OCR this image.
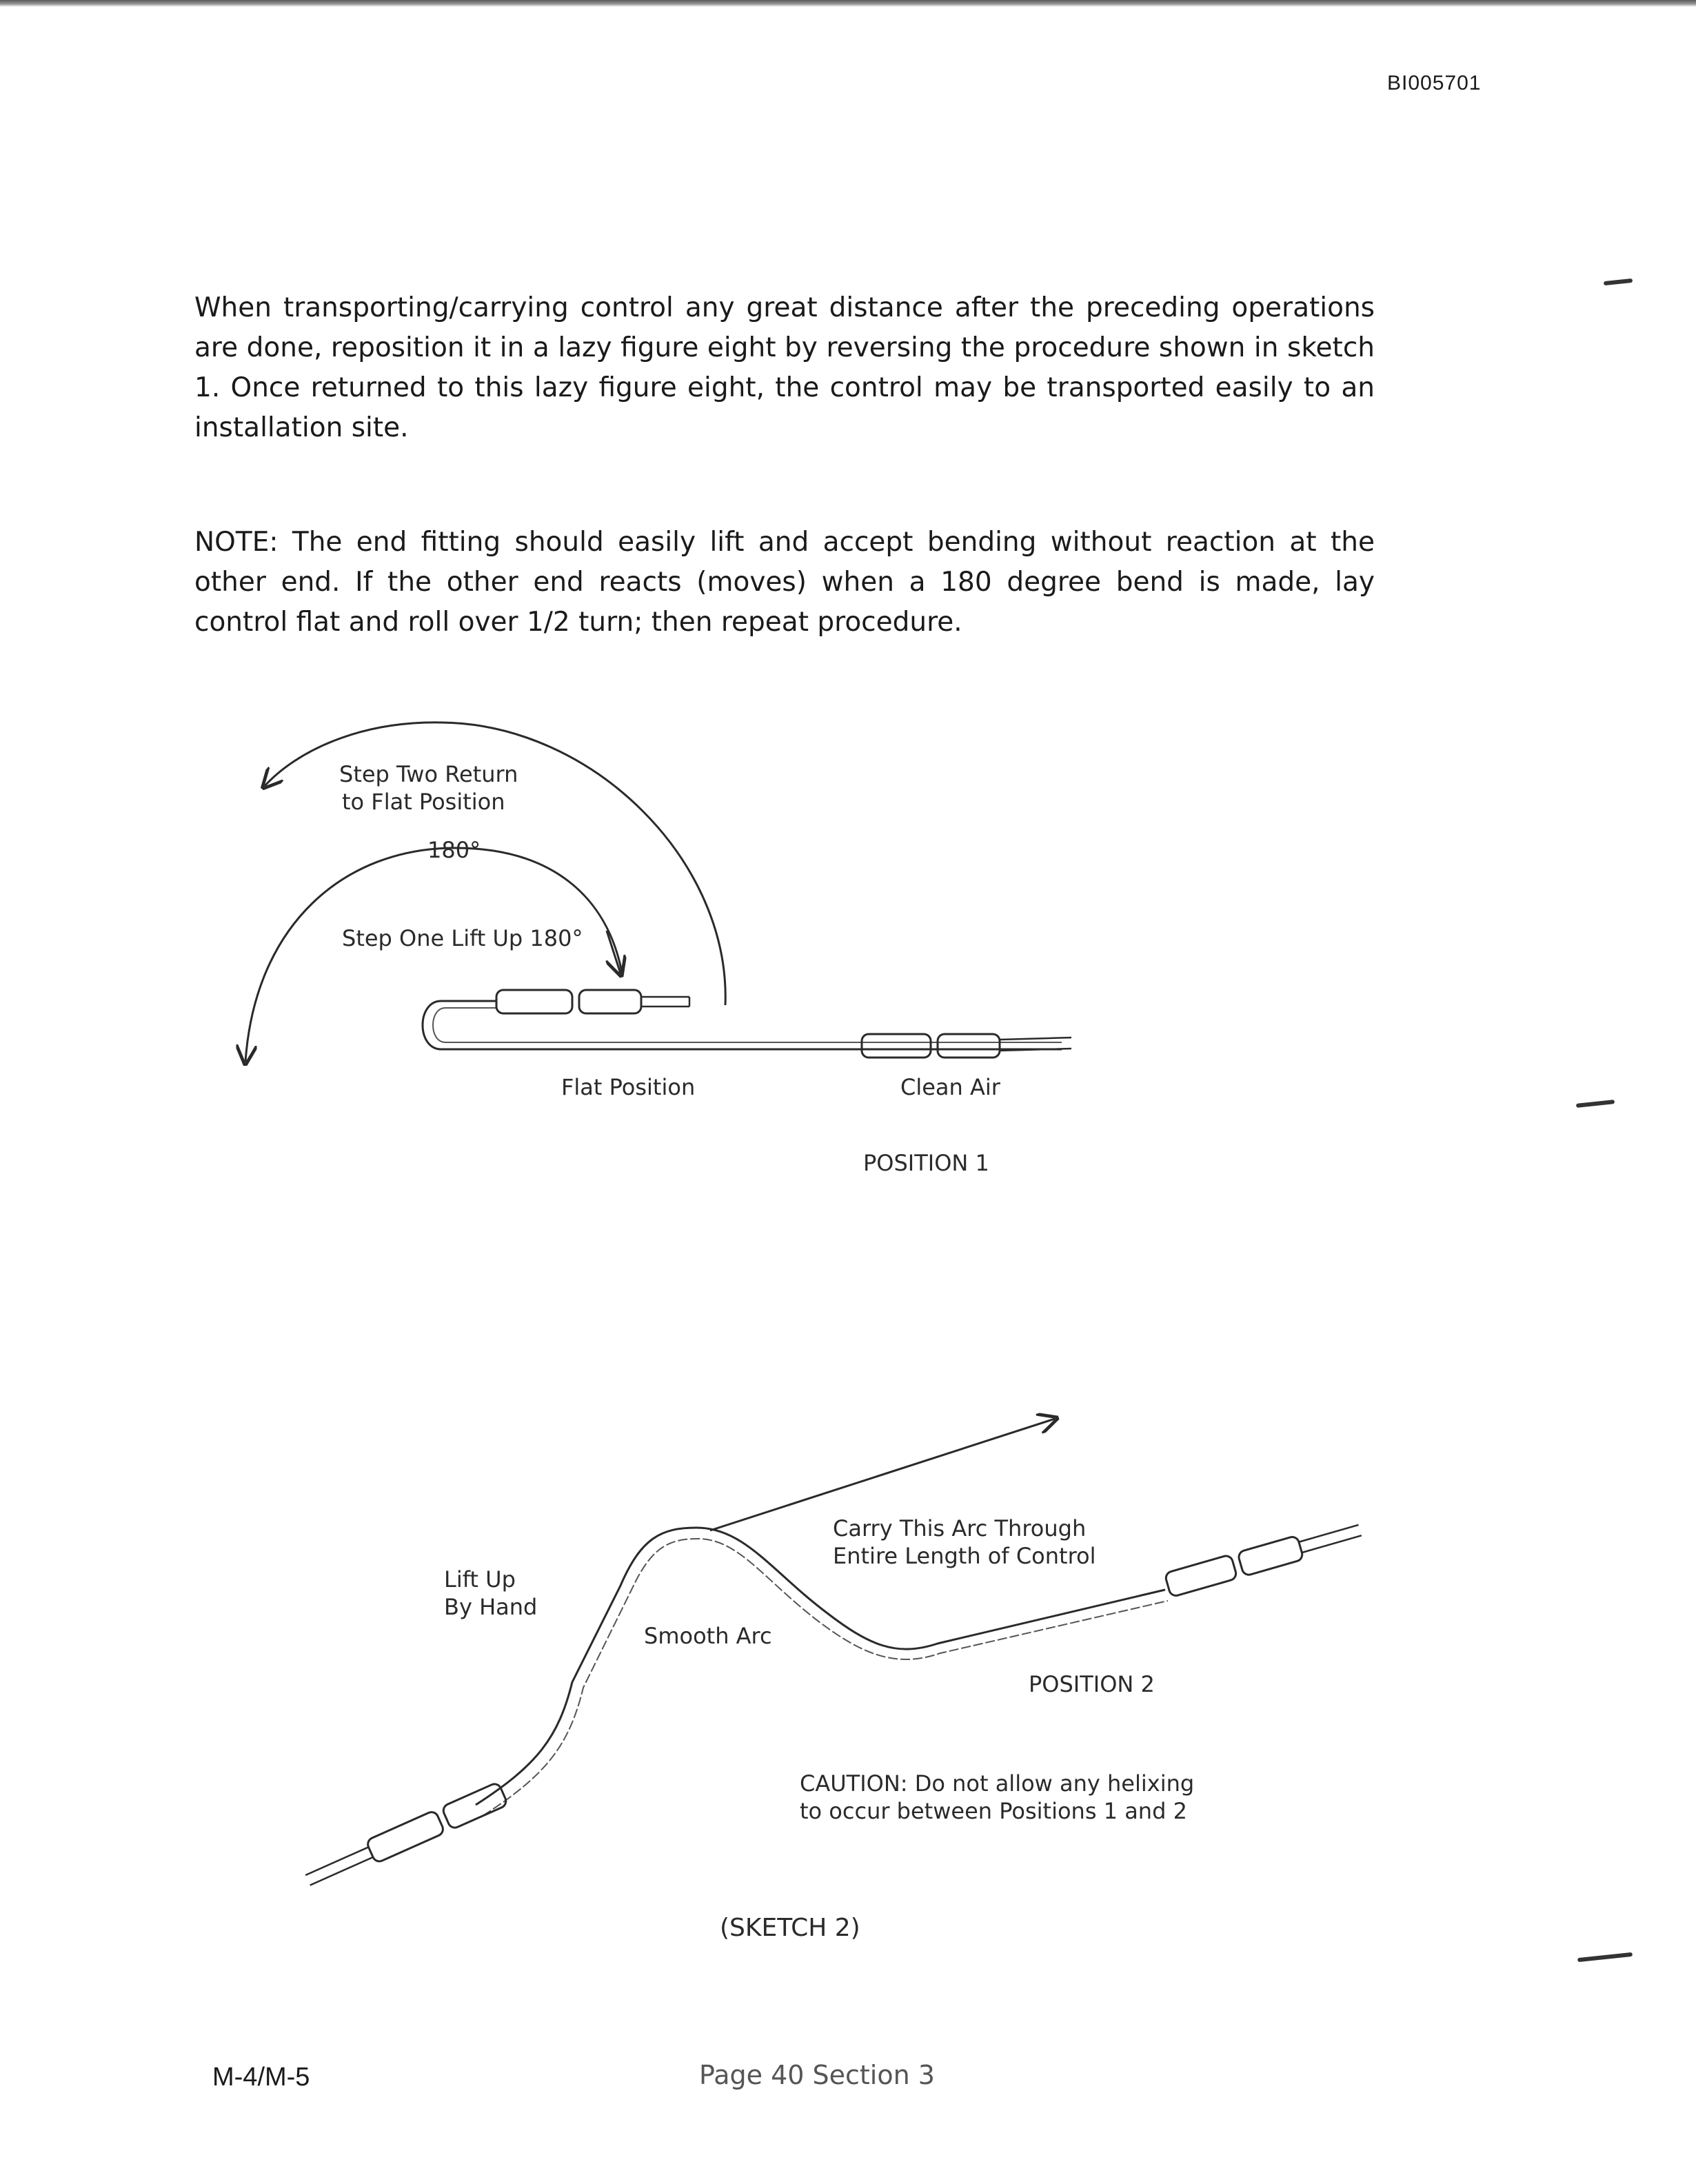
BI005701

When transporting/carrying control any great distance after the preceding operations are done, reposition it in a lazy figure eight by reversing the procedure shown in sketch 1. Once returned to this lazy figure eight, the control may be transported easily to an installation site.

NOTE: The end fitting should easily lift and accept bending without reaction at the other end. If the other end reacts (moves) when a 180 degree bend is made, lay control flat and roll over 1/2 turn; then repeat procedure.

Step Two Return
to Flat Position
180°
Step One Lift Up 180°
Flat Position	Clean Air
POSITION 1
Lift Up
By Hand
Carry This Arc Through
Entire Length of Control
Smooth Arc
POSITION 2
CAUTION: Do not allow any helixing
to occur between Positions 1 and 2
(SKETCH 2)
M-4/M-5	Page 40 Section 3
